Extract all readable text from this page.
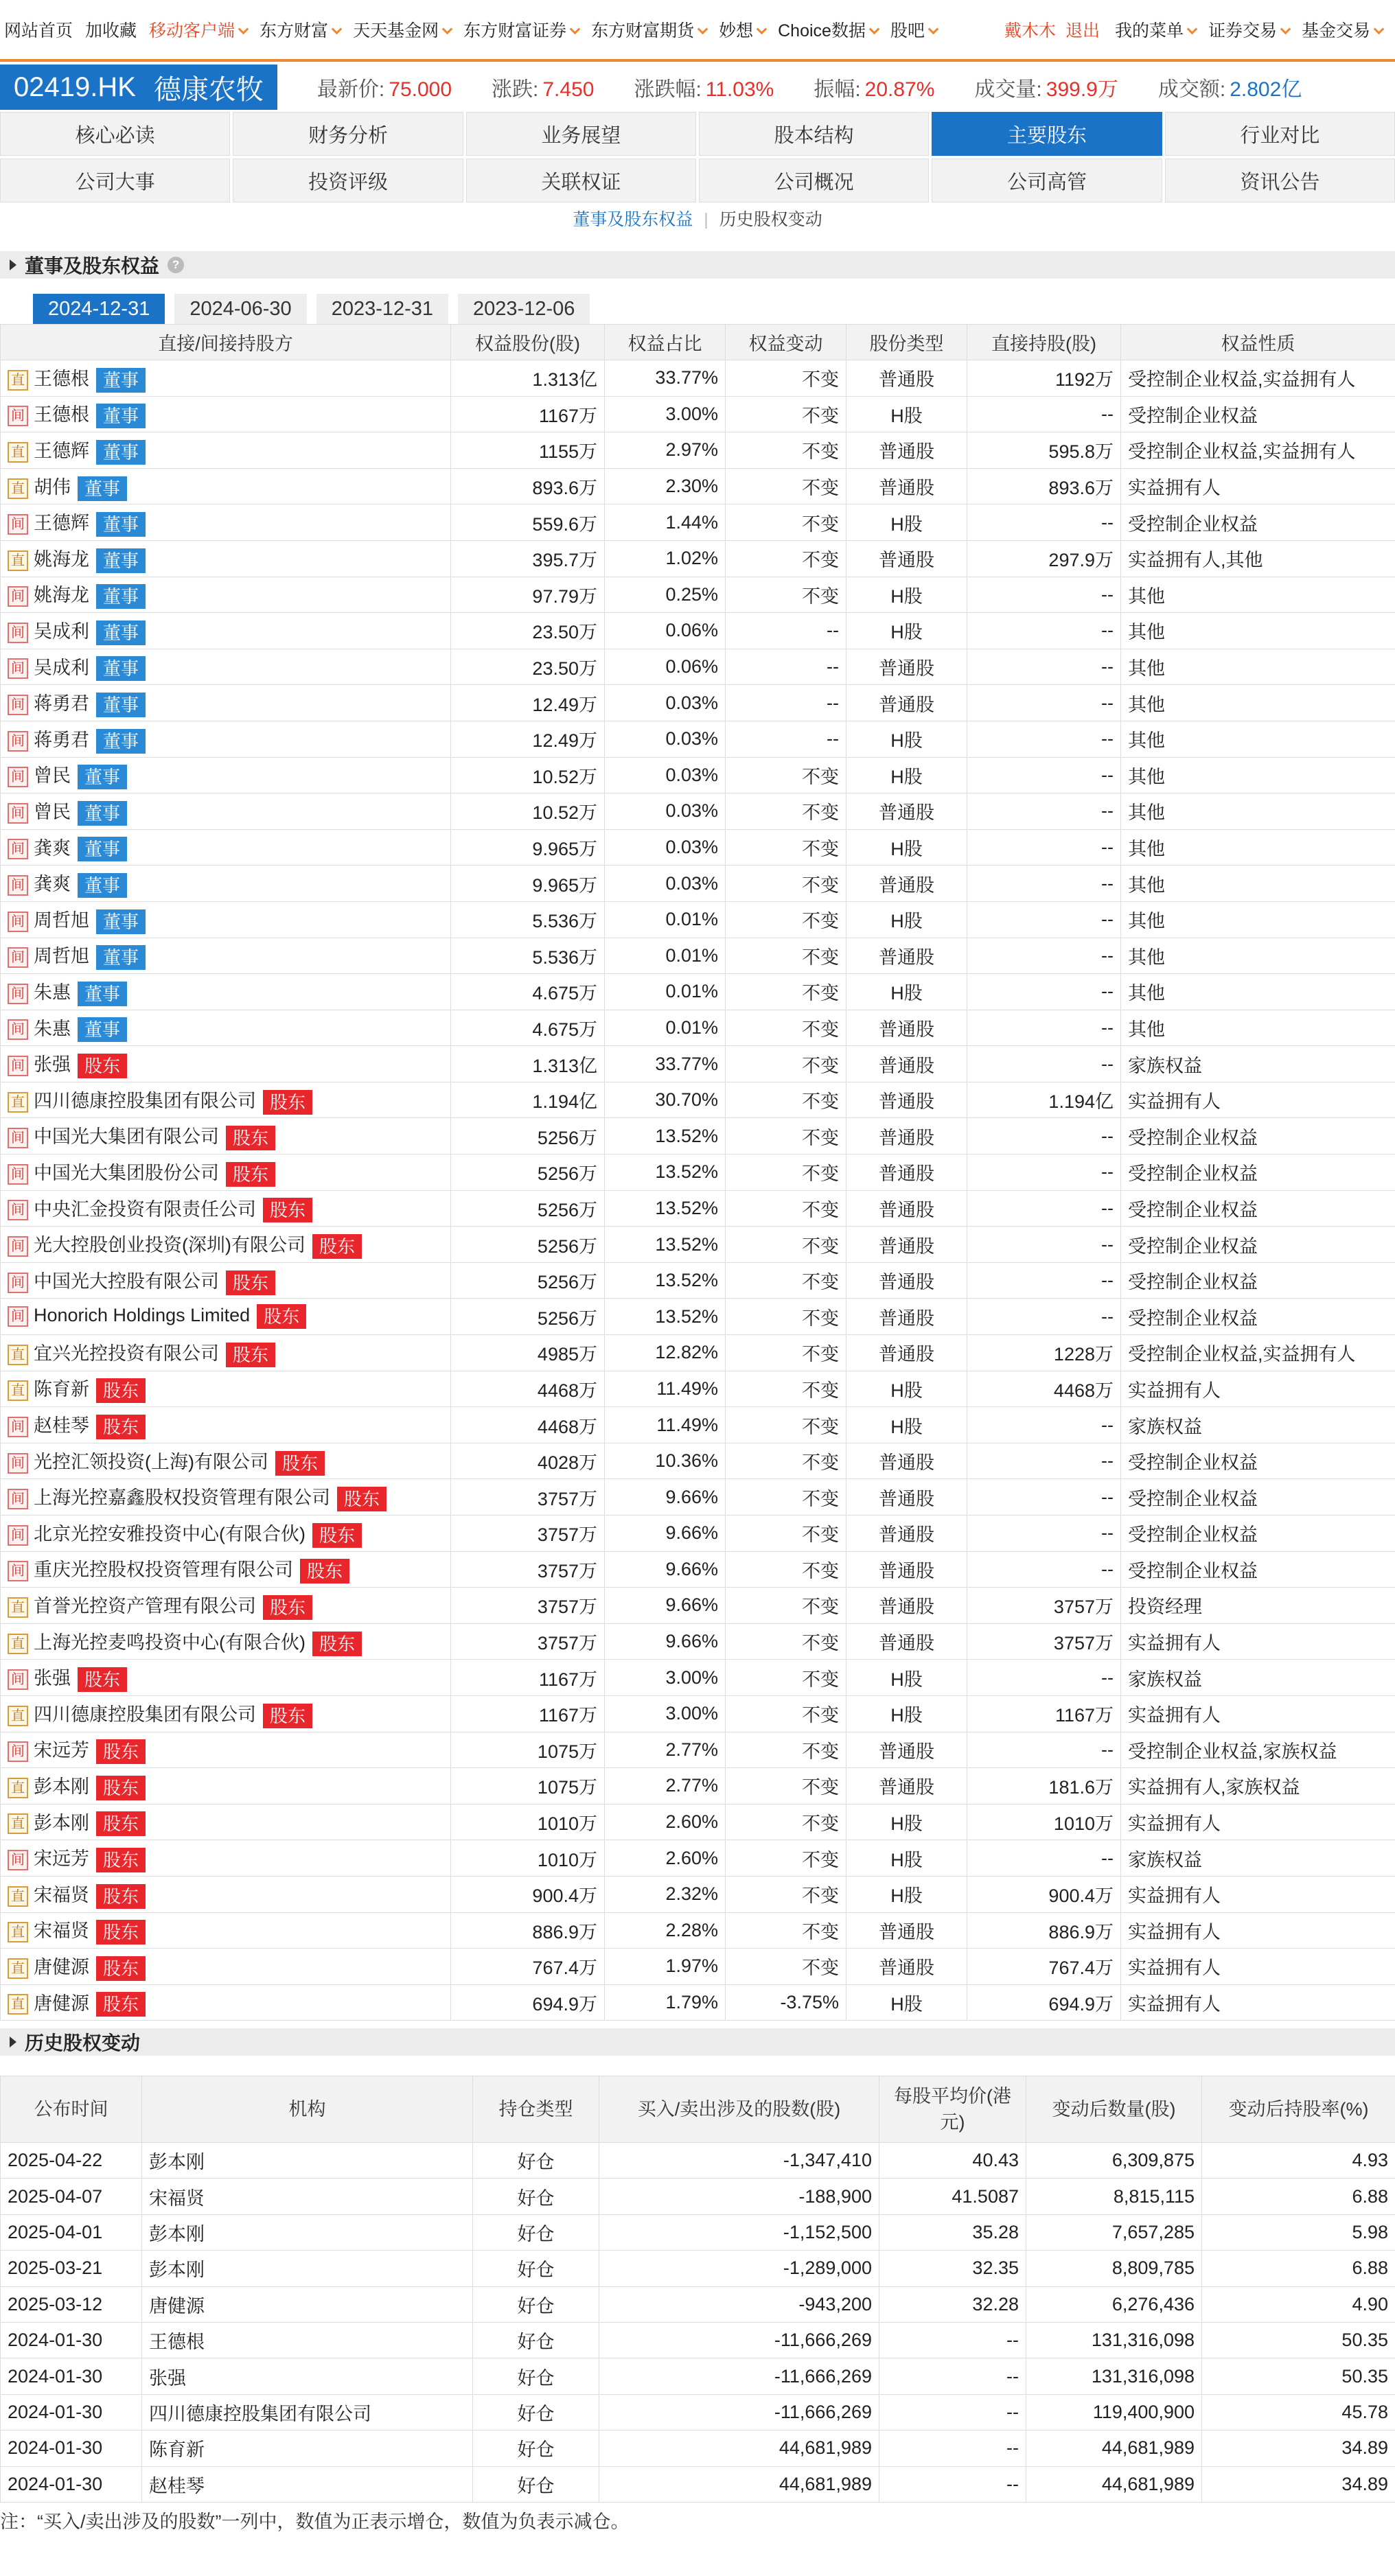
网站首页 加收藏 移动客户端	东方财富	天天基金网	东方财富证券	东方财富期货	妙想	Choice数据	股吧	戴木木 退出 我的菜单	证券交易	基金交易
02419.HK 德康农牧	最新价: 75.000 涨跌: 7.450 涨跌幅: 11.03% 振幅: 20.87% 成交量: 399.9万 成交额: 2.802亿
核心必读	财务分析	业务展望	股本结构	主要股东	行业对比
公司大事	投资评级	关联权证	公司概况	公司高管	资讯公告
董事及股东权益 | 历史股权变动
董事及股东权益	?
2024-12-31	2024-06-30	2023-12-31	2023-12-06
直接/间接持股方	权益股份(股)	权益占比	权益变动	股份类型	直接持股(股)	权益性质
直 王德根 董事	1.313亿	33.77%	不变	普通股	1192万	受控制企业权益,实益拥有人
间 王德根 董事	1167万	3.00%	不变	H股	--	受控制企业权益
直 王德辉 董事	1155万	2.97%	不变	普通股	595.8万	受控制企业权益,实益拥有人
直 胡伟 董事	893.6万	2.30%	不变	普通股	893.6万	实益拥有人
间 王德辉 董事	559.6万	1.44%	不变	H股	--	受控制企业权益
直 姚海龙 董事	395.7万	1.02%	不变	普通股	297.9万	实益拥有人,其他
间 姚海龙 董事	97.79万	0.25%	不变	H股	--	其他
间 吴成利 董事	23.50万	0.06%	--	H股	--	其他
间 吴成利 董事	23.50万	0.06%	--	普通股	--	其他
间 蒋勇君 董事	12.49万	0.03%	--	普通股	--	其他
间 蒋勇君 董事	12.49万	0.03%	--	H股	--	其他
间 曾民 董事	10.52万	0.03%	不变	H股	--	其他
间 曾民 董事	10.52万	0.03%	不变	普通股	--	其他
间 龚爽 董事	9.965万	0.03%	不变	H股	--	其他
间 龚爽 董事	9.965万	0.03%	不变	普通股	--	其他
间 周哲旭 董事	5.536万	0.01%	不变	H股	--	其他
间 周哲旭 董事	5.536万	0.01%	不变	普通股	--	其他
间 朱惠 董事	4.675万	0.01%	不变	H股	--	其他
间 朱惠 董事	4.675万	0.01%	不变	普通股	--	其他
间 张强 股东	1.313亿	33.77%	不变	普通股	--	家族权益
直 四川德康控股集团有限公司 股东	1.194亿	30.70%	不变	普通股	1.194亿	实益拥有人
间 中国光大集团有限公司 股东	5256万	13.52%	不变	普通股	--	受控制企业权益
间 中国光大集团股份公司 股东	5256万	13.52%	不变	普通股	--	受控制企业权益
间 中央汇金投资有限责任公司 股东	5256万	13.52%	不变	普通股	--	受控制企业权益
间 光大控股创业投资(深圳)有限公司 股东	5256万	13.52%	不变	普通股	--	受控制企业权益
间 中国光大控股有限公司 股东	5256万	13.52%	不变	普通股	--	受控制企业权益
间 Honorich Holdings Limited 股东	5256万	13.52%	不变	普通股	--	受控制企业权益
直 宜兴光控投资有限公司 股东	4985万	12.82%	不变	普通股	1228万	受控制企业权益,实益拥有人
直 陈育新 股东	4468万	11.49%	不变	H股	4468万	实益拥有人
间 赵桂琴 股东	4468万	11.49%	不变	H股	--	家族权益
间 光控汇领投资(上海)有限公司 股东	4028万	10.36%	不变	普通股	--	受控制企业权益
间 上海光控嘉鑫股权投资管理有限公司 股东	3757万	9.66%	不变	普通股	--	受控制企业权益
间 北京光控安雅投资中心(有限合伙) 股东	3757万	9.66%	不变	普通股	--	受控制企业权益
间 重庆光控股权投资管理有限公司 股东	3757万	9.66%	不变	普通股	--	受控制企业权益
直 首誉光控资产管理有限公司 股东	3757万	9.66%	不变	普通股	3757万	投资经理
直 上海光控麦鸣投资中心(有限合伙) 股东	3757万	9.66%	不变	普通股	3757万	实益拥有人
间 张强 股东	1167万	3.00%	不变	H股	--	家族权益
直 四川德康控股集团有限公司 股东	1167万	3.00%	不变	H股	1167万	实益拥有人
间 宋远芳 股东	1075万	2.77%	不变	普通股	--	受控制企业权益,家族权益
直 彭本刚 股东	1075万	2.77%	不变	普通股	181.6万	实益拥有人,家族权益
直 彭本刚 股东	1010万	2.60%	不变	H股	1010万	实益拥有人
间 宋远芳 股东	1010万	2.60%	不变	H股	--	家族权益
直 宋福贤 股东	900.4万	2.32%	不变	H股	900.4万	实益拥有人
直 宋福贤 股东	886.9万	2.28%	不变	普通股	886.9万	实益拥有人
直 唐健源 股东	767.4万	1.97%	不变	普通股	767.4万	实益拥有人
直 唐健源 股东	694.9万	1.79%	-3.75%	H股	694.9万	实益拥有人
历史股权变动
公布时间	机构	持仓类型	买入/卖出涉及的股数(股)	每股平均价(港元)	变动后数量(股)	变动后持股率(%)
2025-04-22	彭本刚	好仓	-1,347,410	40.43	6,309,875	4.93
2025-04-07	宋福贤	好仓	-188,900	41.5087	8,815,115	6.88
2025-04-01	彭本刚	好仓	-1,152,500	35.28	7,657,285	5.98
2025-03-21	彭本刚	好仓	-1,289,000	32.35	8,809,785	6.88
2025-03-12	唐健源	好仓	-943,200	32.28	6,276,436	4.90
2024-01-30	王德根	好仓	-11,666,269	--	131,316,098	50.35
2024-01-30	张强	好仓	-11,666,269	--	131,316,098	50.35
2024-01-30	四川德康控股集团有限公司	好仓	-11,666,269	--	119,400,900	45.78
2024-01-30	陈育新	好仓	44,681,989	--	44,681,989	34.89
2024-01-30	赵桂琴	好仓	44,681,989	--	44,681,989	34.89
注：“买入/卖出涉及的股数”一列中，数值为正表示增仓，数值为负表示减仓。
